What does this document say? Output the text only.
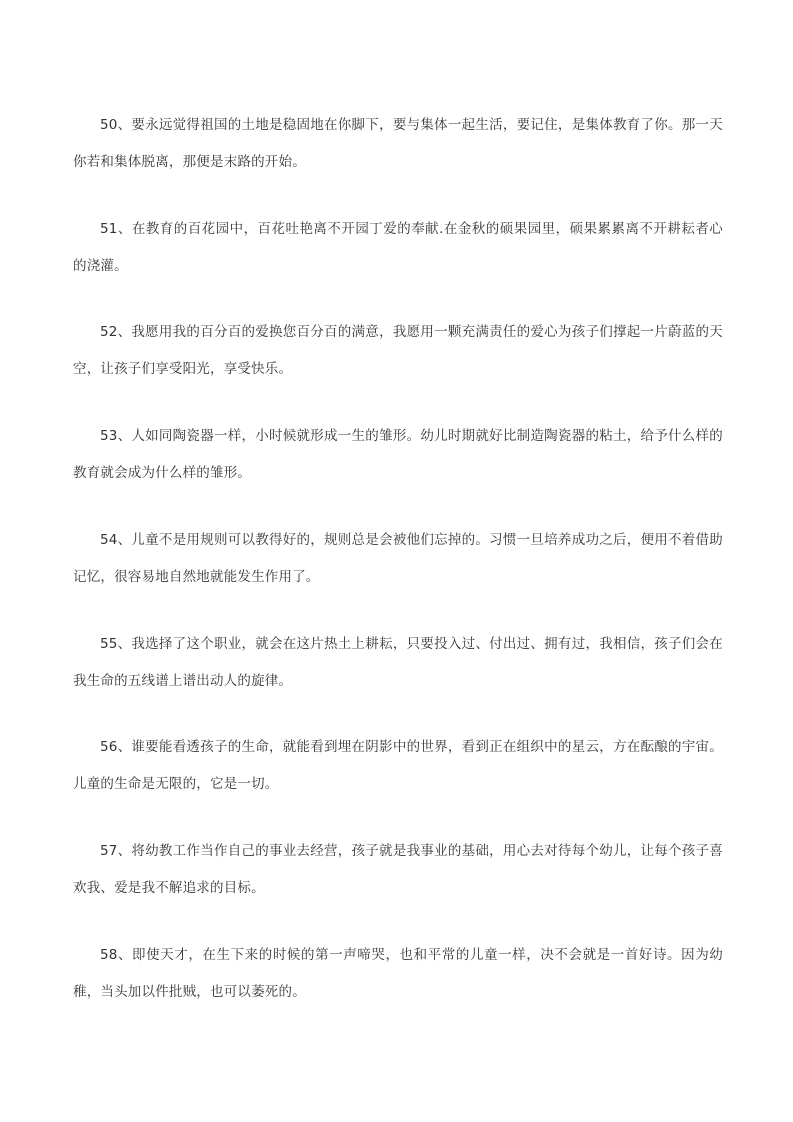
50、要永远觉得祖国的土地是稳固地在你脚下，要与集体一起生活，要记住，是集体教育了你。那一天你若和集体脱离，那便是末路的开始。

51、在教育的百花园中，百花吐艳离不开园丁爱的奉献.在金秋的硕果园里，硕果累累离不开耕耘者心的浇灌。

52、我愿用我的百分百的爱换您百分百的满意，我愿用一颗充满责任的爱心为孩子们撑起一片蔚蓝的天空，让孩子们享受阳光，享受快乐。

53、人如同陶瓷器一样，小时候就形成一生的雏形。幼儿时期就好比制造陶瓷器的粘土，给予什么样的教育就会成为什么样的雏形。

54、儿童不是用规则可以教得好的，规则总是会被他们忘掉的。习惯一旦培养成功之后，便用不着借助记忆，很容易地自然地就能发生作用了。

55、我选择了这个职业，就会在这片热土上耕耘，只要投入过、付出过、拥有过，我相信，孩子们会在我生命的五线谱上谱出动人的旋律。

56、谁要能看透孩子的生命，就能看到埋在阴影中的世界，看到正在组织中的星云，方在酝酿的宇宙。儿童的生命是无限的，它是一切。

57、将幼教工作当作自己的事业去经营，孩子就是我事业的基础，用心去对待每个幼儿，让每个孩子喜欢我、爱是我不解追求的目标。

58、即使天才，在生下来的时候的第一声啼哭，也和平常的儿童一样，决不会就是一首好诗。因为幼稚，当头加以件批贼，也可以萎死的。
